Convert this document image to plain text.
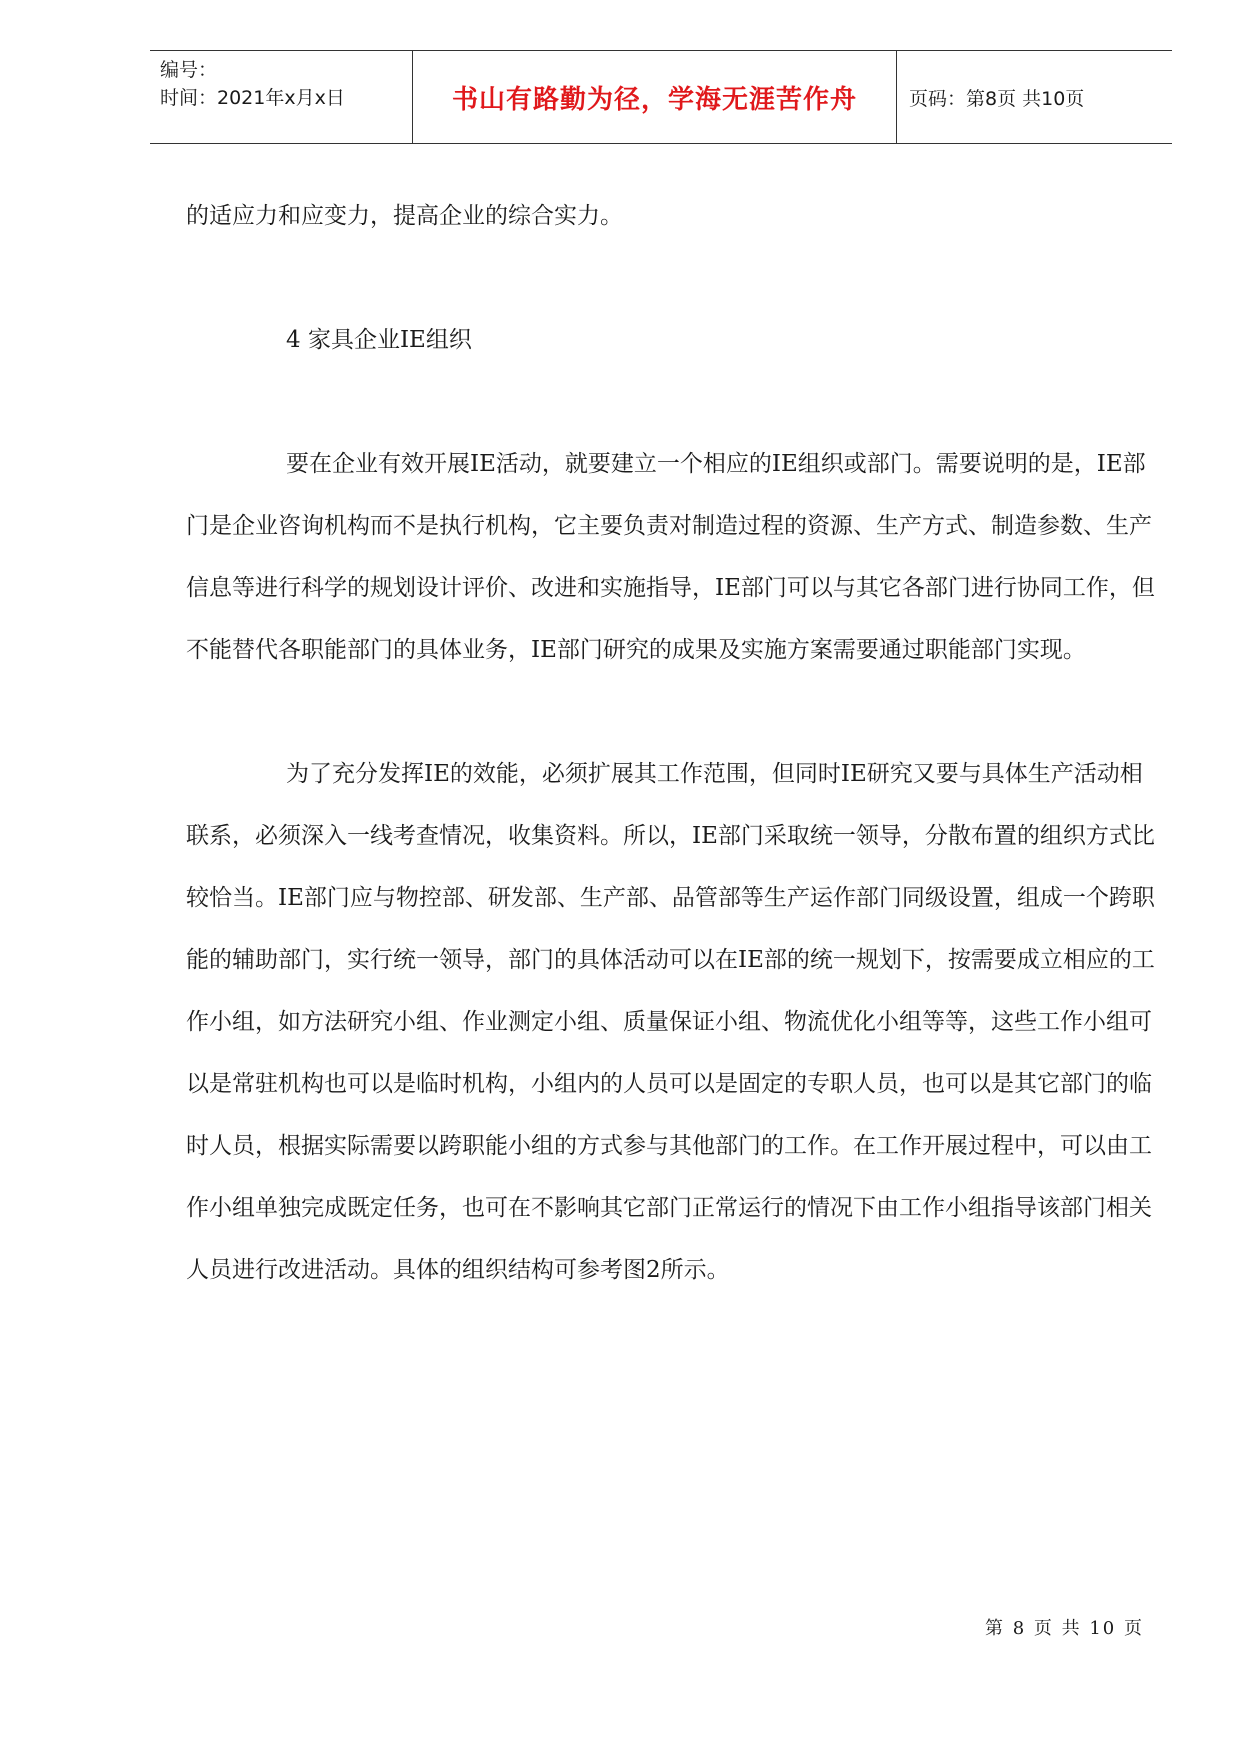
编号：
时间：2021年x月x日	书山有路勤为径，学海无涯苦作舟	页码：第8页 共10页

的适应力和应变力，提高企业的综合实力。

4 家具企业IE组织

要在企业有效开展IE活动，就要建立一个相应的IE组织或部门。需要说明的是，IE部门是企业咨询机构而不是执行机构，它主要负责对制造过程的资源、生产方式、制造参数、生产信息等进行科学的规划设计评价、改进和实施指导，IE部门可以与其它各部门进行协同工作，但不能替代各职能部门的具体业务，IE部门研究的成果及实施方案需要通过职能部门实现。

为了充分发挥IE的效能，必须扩展其工作范围，但同时IE研究又要与具体生产活动相联系，必须深入一线考查情况，收集资料。所以，IE部门采取统一领导，分散布置的组织方式比较恰当。IE部门应与物控部、研发部、生产部、品管部等生产运作部门同级设置，组成一个跨职能的辅助部门，实行统一领导，部门的具体活动可以在IE部的统一规划下，按需要成立相应的工作小组，如方法研究小组、作业测定小组、质量保证小组、物流优化小组等等，这些工作小组可以是常驻机构也可以是临时机构，小组内的人员可以是固定的专职人员，也可以是其它部门的临时人员，根据实际需要以跨职能小组的方式参与其他部门的工作。在工作开展过程中，可以由工作小组单独完成既定任务，也可在不影响其它部门正常运行的情况下由工作小组指导该部门相关人员进行改进活动。具体的组织结构可参考图2所示。

第 8 页 共 10 页
